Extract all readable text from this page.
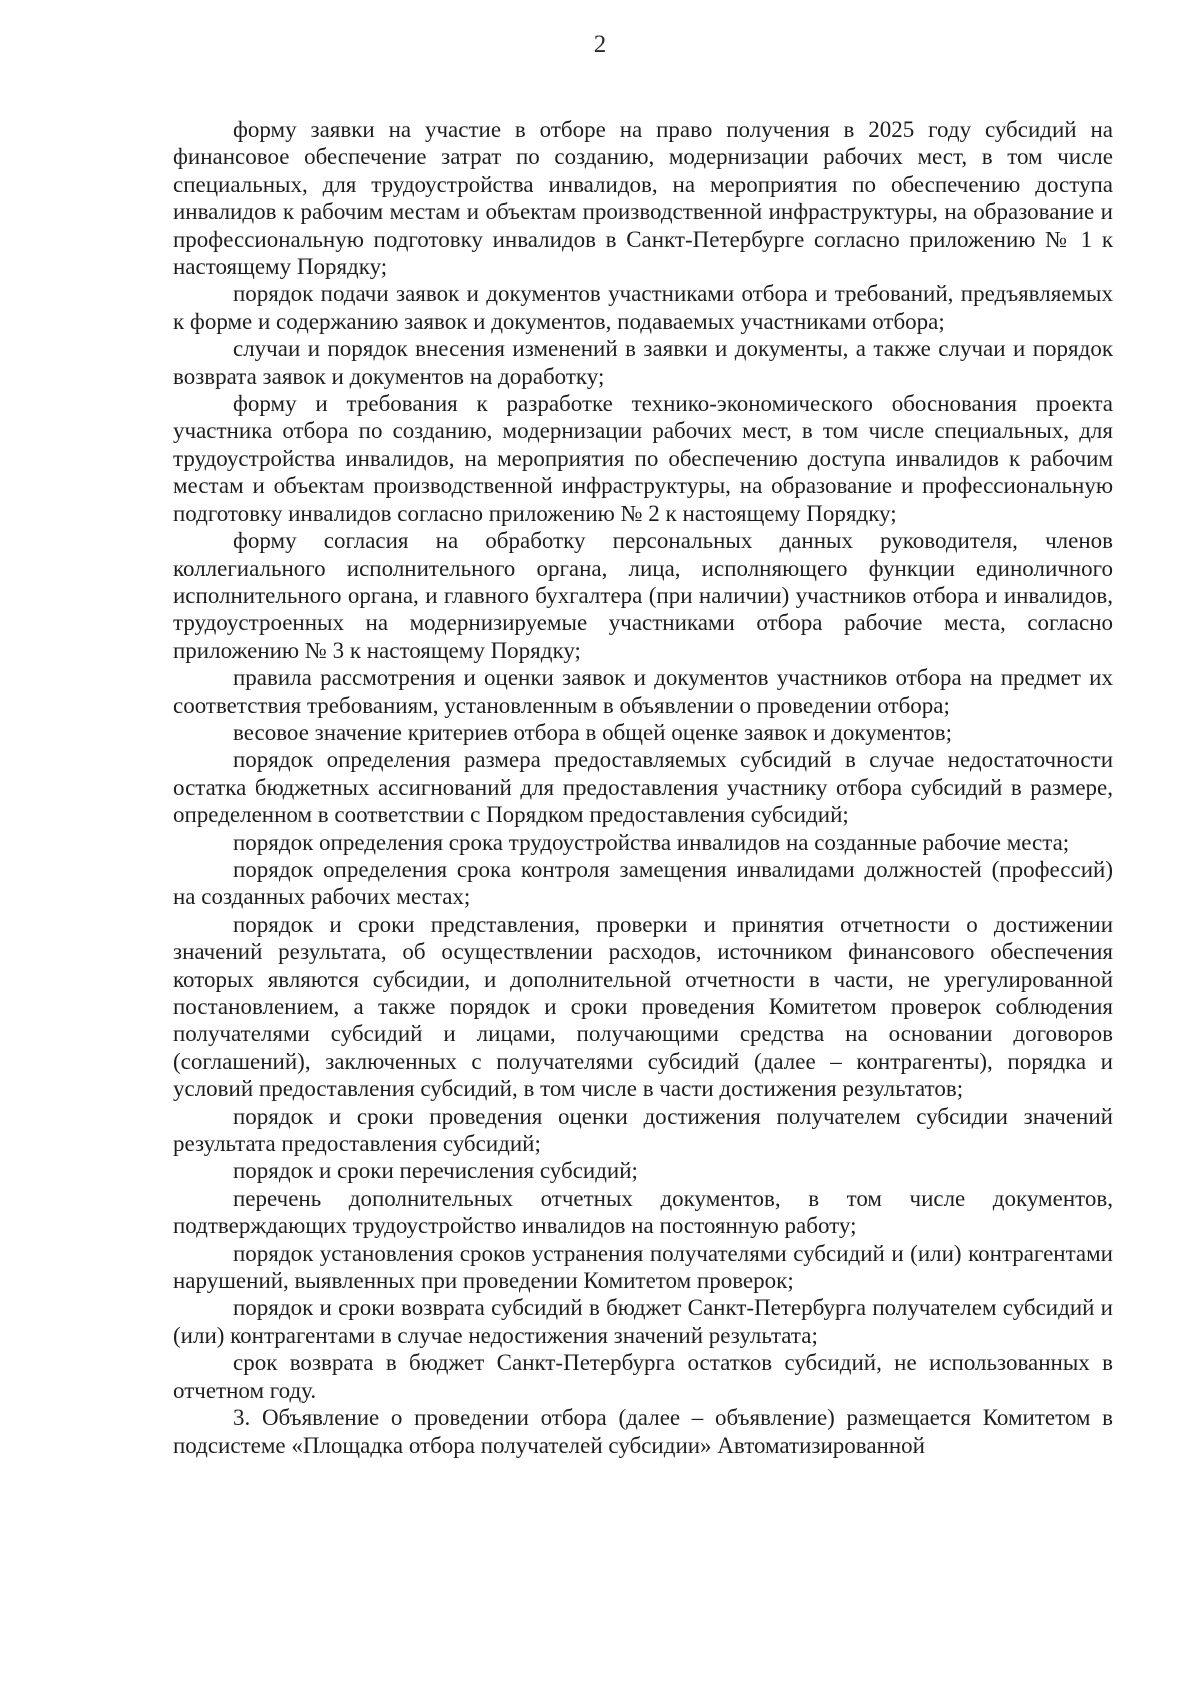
2

форму заявки на участие в отборе на право получения в 2025 году субсидий на финансовое обеспечение затрат по созданию, модернизации рабочих мест, в том числе специальных, для трудоустройства инвалидов, на мероприятия по обеспечению доступа инвалидов к рабочим местам и объектам производственной инфраструктуры, на образование и профессиональную подготовку инвалидов в Санкт-Петербурге согласно приложению № 1 к настоящему Порядку;

порядок подачи заявок и документов участниками отбора и требований, предъявляемых к форме и содержанию заявок и документов, подаваемых участниками отбора;

случаи и порядок внесения изменений в заявки и документы, а также случаи и порядок возврата заявок и документов на доработку;

форму и требования к разработке технико-экономического обоснования проекта участника отбора по созданию, модернизации рабочих мест, в том числе специальных, для трудоустройства инвалидов, на мероприятия по обеспечению доступа инвалидов к рабочим местам и объектам производственной инфраструктуры, на образование и профессиональную подготовку инвалидов согласно приложению № 2 к настоящему Порядку;

форму согласия на обработку персональных данных руководителя, членов коллегиального исполнительного органа, лица, исполняющего функции единоличного исполнительного органа, и главного бухгалтера (при наличии) участников отбора и инвалидов, трудоустроенных на модернизируемые участниками отбора рабочие места, согласно приложению № 3 к настоящему Порядку;

правила рассмотрения и оценки заявок и документов участников отбора на предмет их соответствия требованиям, установленным в объявлении о проведении отбора;

весовое значение критериев отбора в общей оценке заявок и документов;

порядок определения размера предоставляемых субсидий в случае недостаточности остатка бюджетных ассигнований для предоставления участнику отбора субсидий в размере, определенном в соответствии с Порядком предоставления субсидий;

порядок определения срока трудоустройства инвалидов на созданные рабочие места;

порядок определения срока контроля замещения инвалидами должностей (профессий) на созданных рабочих местах;

порядок и сроки представления, проверки и принятия отчетности о достижении значений результата, об осуществлении расходов, источником финансового обеспечения которых являются субсидии, и дополнительной отчетности в части, не урегулированной постановлением, а также порядок и сроки проведения Комитетом проверок соблюдения получателями субсидий и лицами, получающими средства на основании договоров (соглашений), заключенных с получателями субсидий (далее – контрагенты), порядка и условий предоставления субсидий, в том числе в части достижения результатов;

порядок и сроки проведения оценки достижения получателем субсидии значений результата предоставления субсидий;

порядок и сроки перечисления субсидий;

перечень дополнительных отчетных документов, в том числе документов, подтверждающих трудоустройство инвалидов на постоянную работу;

порядок установления сроков устранения получателями субсидий и (или) контрагентами нарушений, выявленных при проведении Комитетом проверок;

порядок и сроки возврата субсидий в бюджет Санкт-Петербурга получателем субсидий и (или) контрагентами в случае недостижения значений результата;

срок возврата в бюджет Санкт-Петербурга остатков субсидий, не использованных в отчетном году.

3. Объявление о проведении отбора (далее – объявление) размещается Комитетом в подсистеме «Площадка отбора получателей субсидии» Автоматизированной
